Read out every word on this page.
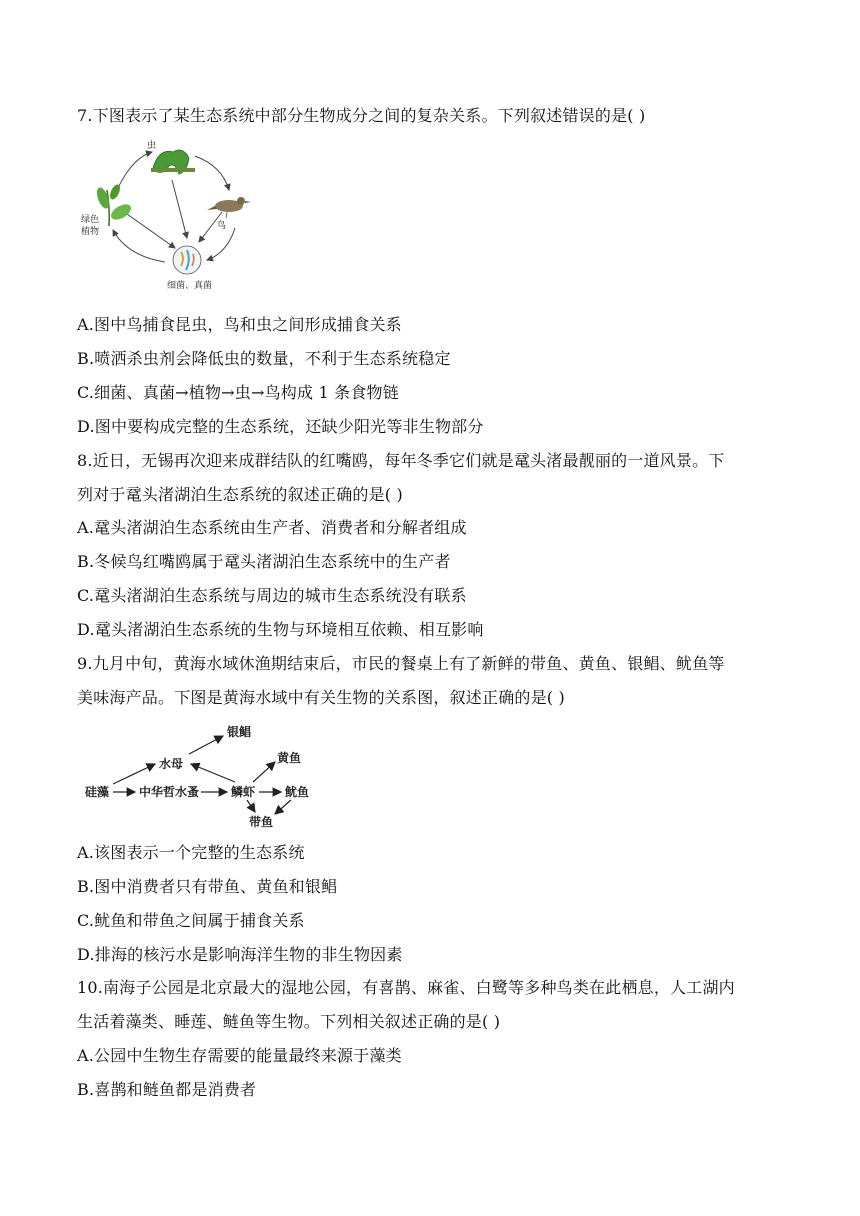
7.下图表示了某生态系统中部分生物成分之间的复杂关系。下列叙述错误的是( )
虫
鸟
绿色
植物
细菌、真菌
A.图中鸟捕食昆虫，鸟和虫之间形成捕食关系
B.喷洒杀虫剂会降低虫的数量，不利于生态系统稳定
C.细菌、真菌→植物→虫→鸟构成 1 条食物链
D.图中要构成完整的生态系统，还缺少阳光等非生物部分
8.近日，无锡再次迎来成群结队的红嘴鸥，每年冬季它们就是鼋头渚最靓丽的一道风景。下
列对于鼋头渚湖泊生态系统的叙述正确的是( )
A.鼋头渚湖泊生态系统由生产者、消费者和分解者组成
B.冬候鸟红嘴鸥属于鼋头渚湖泊生态系统中的生产者
C.鼋头渚湖泊生态系统与周边的城市生态系统没有联系
D.鼋头渚湖泊生态系统的生物与环境相互依赖、相互影响
9.九月中旬，黄海水域休渔期结束后，市民的餐桌上有了新鲜的带鱼、黄鱼、银鲳、鱿鱼等
美味海产品。下图是黄海水域中有关生物的关系图，叙述正确的是( )
硅藻 中华哲水蚤
水母
银鲳
鳞虾
黄鱼
鱿鱼
带鱼
A.该图表示一个完整的生态系统
B.图中消费者只有带鱼、黄鱼和银鲳
C.鱿鱼和带鱼之间属于捕食关系
D.排海的核污水是影响海洋生物的非生物因素
10.南海子公园是北京最大的湿地公园，有喜鹊、麻雀、白鹭等多种鸟类在此栖息，人工湖内
生活着藻类、睡莲、鲢鱼等生物。下列相关叙述正确的是( )
A.公园中生物生存需要的能量最终来源于藻类
B.喜鹊和鲢鱼都是消费者
